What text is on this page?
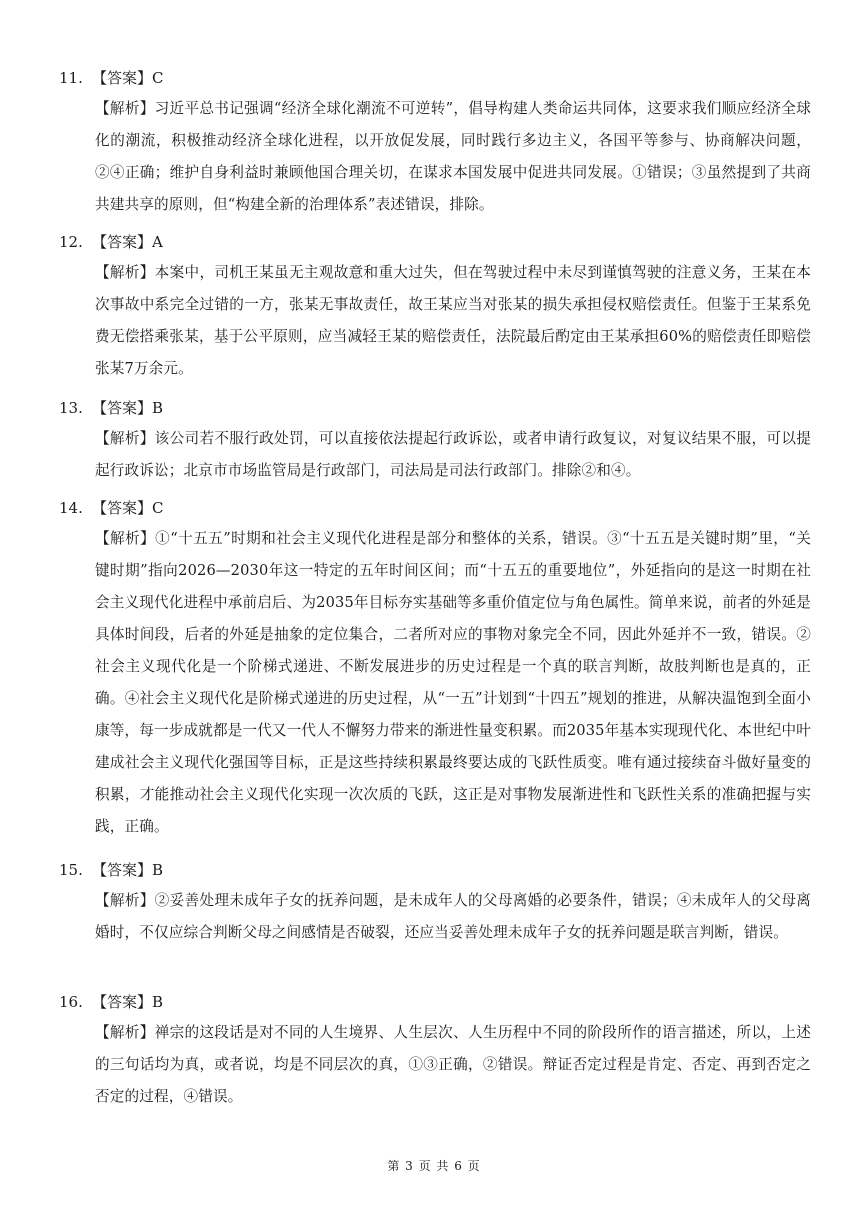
11. 【答案】C
【解析】习近平总书记强调“经济全球化潮流不可逆转”，倡导构建人类命运共同体，这要求我们顺应经济全球化的潮流，积极推动经济全球化进程，以开放促发展，同时践行多边主义，各国平等参与、协商解决问题，②④正确；维护自身利益时兼顾他国合理关切，在谋求本国发展中促进共同发展。①错误；③虽然提到了共商共建共享的原则，但“构建全新的治理体系”表述错误，排除。
12. 【答案】A
【解析】本案中，司机王某虽无主观故意和重大过失，但在驾驶过程中未尽到谨慎驾驶的注意义务，王某在本次事故中系完全过错的一方，张某无事故责任，故王某应当对张某的损失承担侵权赔偿责任。但鉴于王某系免费无偿搭乘张某，基于公平原则，应当减轻王某的赔偿责任，法院最后酌定由王某承担60%的赔偿责任即赔偿张某7万余元。
13. 【答案】B
【解析】该公司若不服行政处罚，可以直接依法提起行政诉讼，或者申请行政复议，对复议结果不服，可以提起行政诉讼；北京市市场监管局是行政部门，司法局是司法行政部门。排除②和④。
14. 【答案】C
【解析】①“十五五”时期和社会主义现代化进程是部分和整体的关系，错误。③“十五五是关键时期”里，“关键时期”指向2026—2030年这一特定的五年时间区间；而“十五五的重要地位”，外延指向的是这一时期在社会主义现代化进程中承前启后、为2035年目标夯实基础等多重价值定位与角色属性。简单来说，前者的外延是具体时间段，后者的外延是抽象的定位集合，二者所对应的事物对象完全不同，因此外延并不一致，错误。②社会主义现代化是一个阶梯式递进、不断发展进步的历史过程是一个真的联言判断，故肢判断也是真的，正确。④社会主义现代化是阶梯式递进的历史过程，从“一五”计划到“十四五”规划的推进，从解决温饱到全面小康等，每一步成就都是一代又一代人不懈努力带来的渐进性量变积累。而2035年基本实现现代化、本世纪中叶建成社会主义现代化强国等目标，正是这些持续积累最终要达成的飞跃性质变。唯有通过接续奋斗做好量变的积累，才能推动社会主义现代化实现一次次质的飞跃，这正是对事物发展渐进性和飞跃性关系的准确把握与实践，正确。
15. 【答案】B
【解析】②妥善处理未成年子女的抚养问题，是未成年人的父母离婚的必要条件，错误；④未成年人的父母离婚时，不仅应综合判断父母之间感情是否破裂，还应当妥善处理未成年子女的抚养问题是联言判断，错误。
16. 【答案】B
【解析】禅宗的这段话是对不同的人生境界、人生层次、人生历程中不同的阶段所作的语言描述，所以，上述的三句话均为真，或者说，均是不同层次的真，①③正确，②错误。辩证否定过程是肯定、否定、再到否定之否定的过程，④错误。
第 3 页 共 6 页
